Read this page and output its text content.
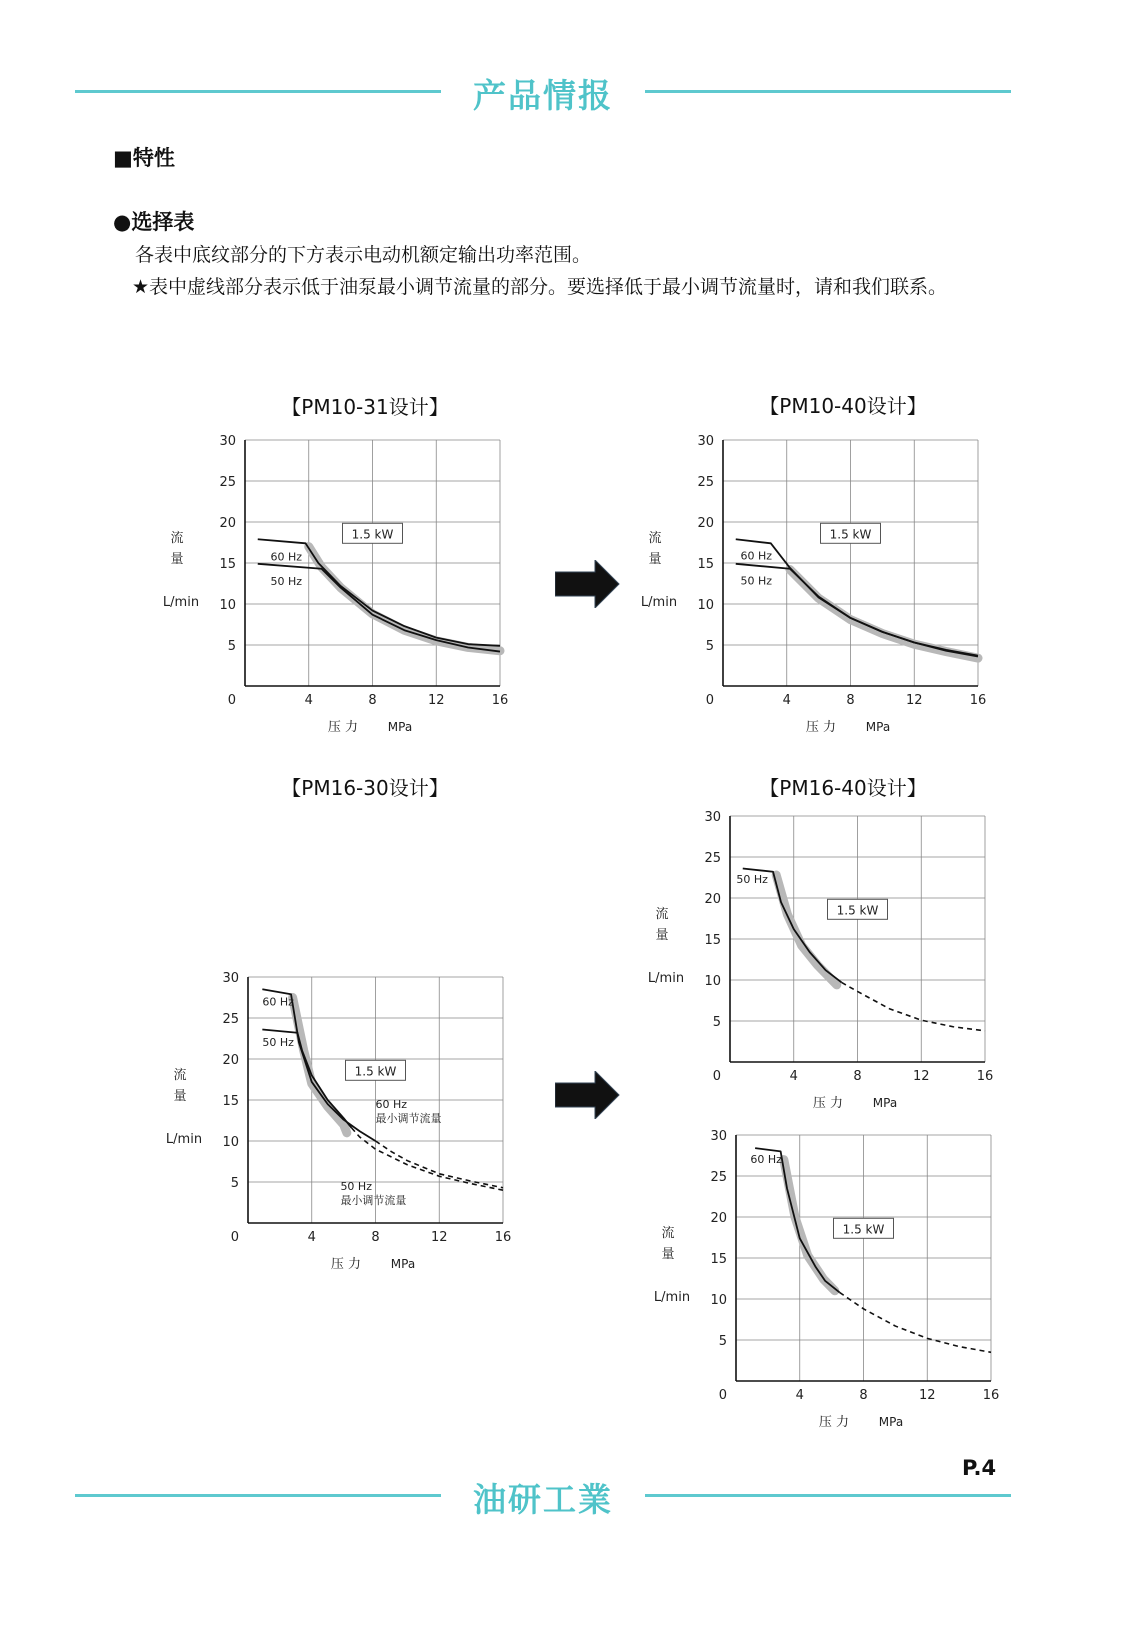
产品情报
■特性
●选择表
各表中底纹部分的下方表示电动机额定输出功率范围。
★表中虚线部分表示低于油泵最小调节流量的部分。要选择低于最小调节流量时，请和我们联系。
【PM10-31设计】	【PM10-40设计】
【PM16-30设计】	【PM16-40设计】
0
5
10
15
20
25
30
4	8	12	16
流
量
L/min
压 力 MPa
60 Hz
50 Hz
1.5 kW
0
5
10
15
20
25
30
4	8	12	16
流
量
L/min
压 力 MPa
60 Hz
50 Hz
1.5 kW
0
5
10
15
20
25
30
4	8	12	16
流
量
L/min
压 力 MPa
60 Hz
50 Hz
60 Hz
最小调节流量
50 Hz
最小调节流量
1.5 kW	0
5
10
15
20
25
30
4	8	12	16
流
量
L/min
压 力 MPa
50 Hz
1.5 kW
0
5
10
15
20
25
30
4	8	12	16
流
量
L/min
压 力 MPa
60 Hz
1.5 kW
P.4
油研工業
